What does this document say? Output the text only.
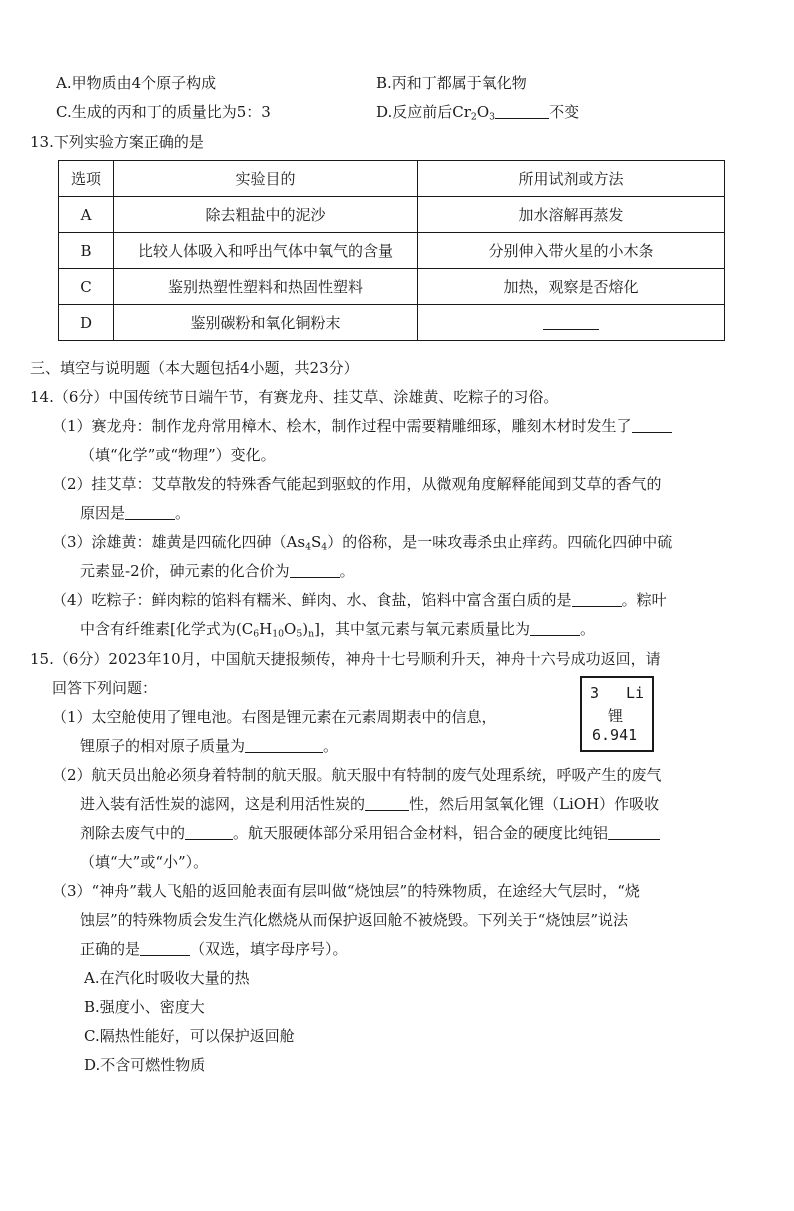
A.甲物质由4个原子构成	B.丙和丁都属于氧化物
C.生成的丙和丁的质量比为5：3	D.反应前后$Cr_2O_3$	不变
13.下列实验方案正确的是
选项	实验目的	所用试剂或方法
A	除去粗盐中的泥沙	加水溶解再蒸发
B	比较人体吸入和呼出气体中氧气的含量	分别伸入带火星的小木条
C	鉴别热塑性塑料和热固性塑料	加热，观察是否熔化
D	鉴别碳粉和氧化铜粉末	
三、填空与说明题（本大题包括4小题，共23分）
14.（6分）中国传统节日端午节，有赛龙舟、挂艾草、涂雄黄、吃粽子的习俗。
（1）赛龙舟：制作龙舟常用樟木、桧木，制作过程中需要精雕细琢，雕刻木材时发生了
（填“化学”或“物理”）变化。
（2）挂艾草：艾草散发的特殊香气能起到驱蚊的作用，从微观角度解释能闻到艾草的香气的
原因是	。
（3）涂雄黄：雄黄是四硫化四砷$(As_4S_4)$的俗称，是一味攻毒杀虫止痒药。四硫化四砷中硫
元素显-2价，砷元素的化合价为	。
（4）吃粽子：鲜肉粽的馅料有糯米、鲜肉、水、食盐，馅料中富含蛋白质的是	。粽叶
中含有纤维素[化学式为$(C_6H_{10}O_5)_n$]，其中氢元素与氧元素质量比为	。
15.（6分）2023年10月，中国航天捷报频传，神舟十七号顺利升天，神舟十六号成功返回，请
回答下列问题：
（1）太空舱使用了锂电池。右图是锂元素在元素周期表中的信息，
锂原子的相对原子质量为	。
3 Li
锂
6.941
（2）航天员出舱必须身着特制的航天服。航天服中有特制的废气处理系统，呼吸产生的废气
进入装有活性炭的滤网，这是利用活性炭的	性，然后用氢氧化锂（LiOH）作吸收
剂除去废气中的	。航天服硬体部分采用铝合金材料，铝合金的硬度比纯铝
（填“大”或“小”）。
（3）“神舟”载人飞船的返回舱表面有层叫做“烧蚀层”的特殊物质，在途经大气层时，“烧
蚀层”的特殊物质会发生汽化燃烧从而保护返回舱不被烧毁。下列关于“烧蚀层”说法
正确的是	（双选，填字母序号）。
A.在汽化时吸收大量的热
B.强度小、密度大
C.隔热性能好，可以保护返回舱
D.不含可燃性物质
